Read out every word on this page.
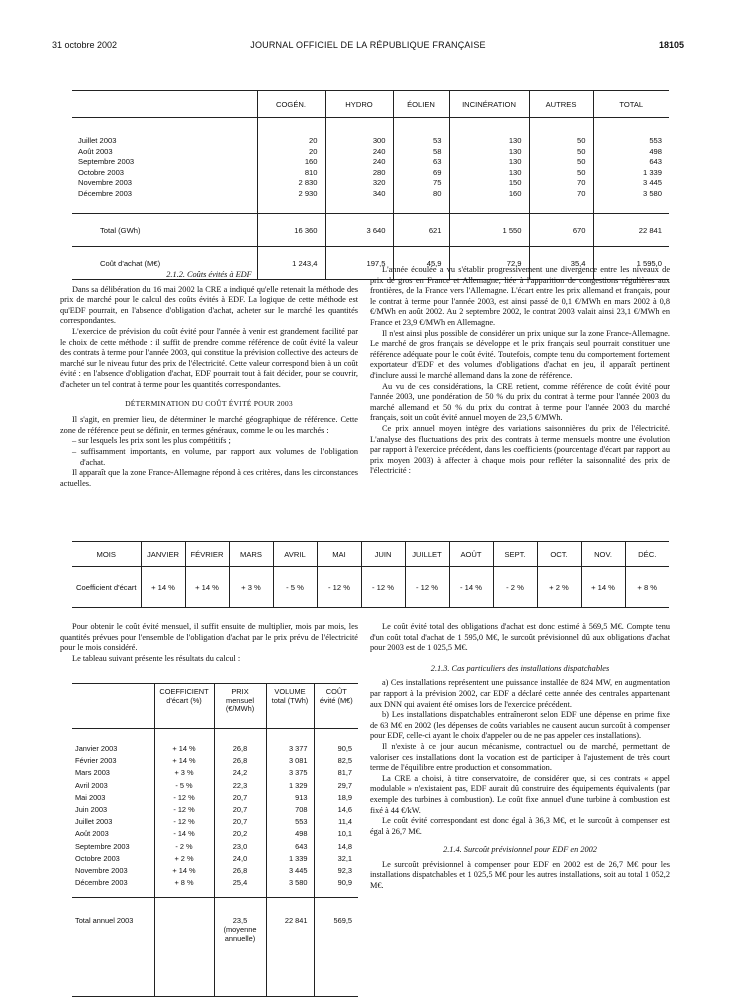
31 octobre 2002	JOURNAL OFFICIEL DE LA RÉPUBLIQUE FRANÇAISE	18105
	COGÉN.	HYDRO	ÉOLIEN	INCINÉRATION	AUTRES	TOTAL
Juillet 2003	20	300	53	130	50	553
Août 2003	20	240	58	130	50	498
Septembre 2003	160	240	63	130	50	643
Octobre 2003	810	280	69	130	50	1 339
Novembre 2003	2 830	320	75	150	70	3 445
Décembre 2003	2 930	340	80	160	70	3 580
Total (GWh)	16 360	3 640	621	1 550	670	22 841
Coût d'achat (M€)	1 243,4	197,5	45,9	72,9	35,4	1 595,0

2.1.2. Coûts évités à EDF

Dans sa délibération du 16 mai 2002 la CRE a indiqué qu'elle retenait la méthode des prix de marché pour le calcul des coûts évités à EDF. La logique de cette méthode est qu'EDF pourrait, en l'absence d'obligation d'achat, acheter sur le marché les quantités correspondantes.

L'exercice de prévision du coût évité pour l'année à venir est grandement facilité par le choix de cette méthode : il suffit de prendre comme référence de coût évité la valeur des contrats à terme pour l'année 2003, qui constitue la prévision collective des acteurs de marché sur le niveau futur des prix de l'électricité. Cette valeur correspond bien à un coût évité : en l'absence d'obligation d'achat, EDF pourrait tout à fait décider, pour se couvrir, d'acheter un tel contrat à terme pour les quantités correspondantes.

DÉTERMINATION DU COÛT ÉVITÉ POUR 2003

Il s'agit, en premier lieu, de déterminer le marché géographique de référence. Cette zone de référence peut se définir, en termes généraux, comme le ou les marchés :

– sur lesquels les prix sont les plus compétitifs ;
– suffisamment importants, en volume, par rapport aux volumes de l'obligation d'achat.

Il apparaît que la zone France-Allemagne répond à ces critères, dans les circonstances actuelles.

L'année écoulée a vu s'établir progressivement une divergence entre les niveaux de prix de gros en France et Allemagne, liée à l'apparition de congestions régulières aux frontières, de la France vers l'Allemagne. L'écart entre les prix allemand et français, pour le contrat à terme pour l'année 2003, est ainsi passé de 0,1 €/MWh en mars 2002 à 0,8 €/MWh en août 2002. Au 2 septembre 2002, le contrat 2003 valait ainsi 23,1 €/MWh en France et 23,9 €/MWh en Allemagne.

Il n'est ainsi plus possible de considérer un prix unique sur la zone France-Allemagne. Le marché de gros français se développe et le prix français seul pourrait constituer une référence adéquate pour le coût évité. Toutefois, compte tenu du comportement fortement exportateur d'EDF et des volumes d'obligations d'achat en jeu, il apparaît pertinent d'inclure aussi le marché allemand dans la zone de référence.

Au vu de ces considérations, la CRE retient, comme référence de coût évité pour l'année 2003, une pondération de 50 % du prix du contrat à terme pour l'année 2003 du marché allemand et 50 % du prix du contrat à terme pour l'année 2003 du marché français, soit un coût évité annuel moyen de 23,5 €/MWh.

Ce prix annuel moyen intègre des variations saisonnières du prix de l'électricité. L'analyse des fluctuations des prix des contrats à terme mensuels montre une évolution par rapport à l'exercice précédent, dans les coefficients (pourcentage d'écart par rapport au prix moyen 2003) à affecter à chaque mois pour refléter la saisonnalité des prix de l'électricité :

MOIS	JANVIER	FÉVRIER	MARS	AVRIL	MAI	JUIN	JUILLET	AOÛT	SEPT.	OCT.	NOV.	DÉC.
Coefficient d'écart	+ 14 %	+ 14 %	+ 3 %	- 5 %	- 12 %	- 12 %	- 12 %	- 14 %	- 2 %	+ 2 %	+ 14 %	+ 8 %

Pour obtenir le coût évité mensuel, il suffit ensuite de multiplier, mois par mois, les quantités prévues pour l'ensemble de l'obligation d'achat par le prix prévu de l'électricité pour le mois considéré.

Le tableau suivant présente les résultats du calcul :

	COEFFICIENT d'écart (%)	PRIX mensuel (€/MWh)	VOLUME total (TWh)	COÛT évité (M€)
Janvier 2003	+ 14 %	26,8	3 377	90,5
Février 2003	+ 14 %	26,8	3 081	82,5
Mars 2003	+ 3 %	24,2	3 375	81,7
Avril 2003	- 5 %	22,3	1 329	29,7
Mai 2003	- 12 %	20,7	913	18,9
Juin 2003	- 12 %	20,7	708	14,6
Juillet 2003	- 12 %	20,7	553	11,4
Août 2003	- 14 %	20,2	498	10,1
Septembre 2003	- 2 %	23,0	643	14,8
Octobre 2003	+ 2 %	24,0	1 339	32,1
Novembre 2003	+ 14 %	26,8	3 445	92,3
Décembre 2003	+ 8 %	25,4	3 580	90,9
Total annuel 2003		23,5 (moyenne annuelle)	22 841	569,5

Le coût évité total des obligations d'achat est donc estimé à 569,5 M€. Compte tenu d'un coût total d'achat de 1 595,0 M€, le surcoût prévisionnel dû aux obligations d'achat pour 2003 est de 1 025,5 M€.

2.1.3. Cas particuliers des installations dispatchables

a) Ces installations représentent une puissance installée de 824 MW, en augmentation par rapport à la prévision 2002, car EDF a déclaré cette année des centrales appartenant aux DNN qui avaient été omises lors de l'exercice précédent.

b) Les installations dispatchables entraîneront selon EDF une dépense en prime fixe de 63 M€ en 2002 (les dépenses de coûts variables ne causent aucun surcoût à compenser pour EDF, celle-ci ayant le choix d'appeler ou de ne pas appeler ces installations).

Il n'existe à ce jour aucun mécanisme, contractuel ou de marché, permettant de valoriser ces installations dont la vocation est de participer à l'ajustement de très court terme de l'équilibre entre production et consommation.

La CRE a choisi, à titre conservatoire, de considérer que, si ces contrats « appel modulable » n'existaient pas, EDF aurait dû construire des équipements équivalents (par exemple des turbines à combustion). Le coût fixe annuel d'une turbine à combustion est fixé à 44 €/kW.

Le coût évité correspondant est donc égal à 36,3 M€, et le surcoût à compenser est égal à 26,7 M€.

2.1.4. Surcoût prévisionnel pour EDF en 2002

Le surcoût prévisionnel à compenser pour EDF en 2002 est de 26,7 M€ pour les installations dispatchables et 1 025,5 M€ pour les autres installations, soit au total 1 052,2 M€.
